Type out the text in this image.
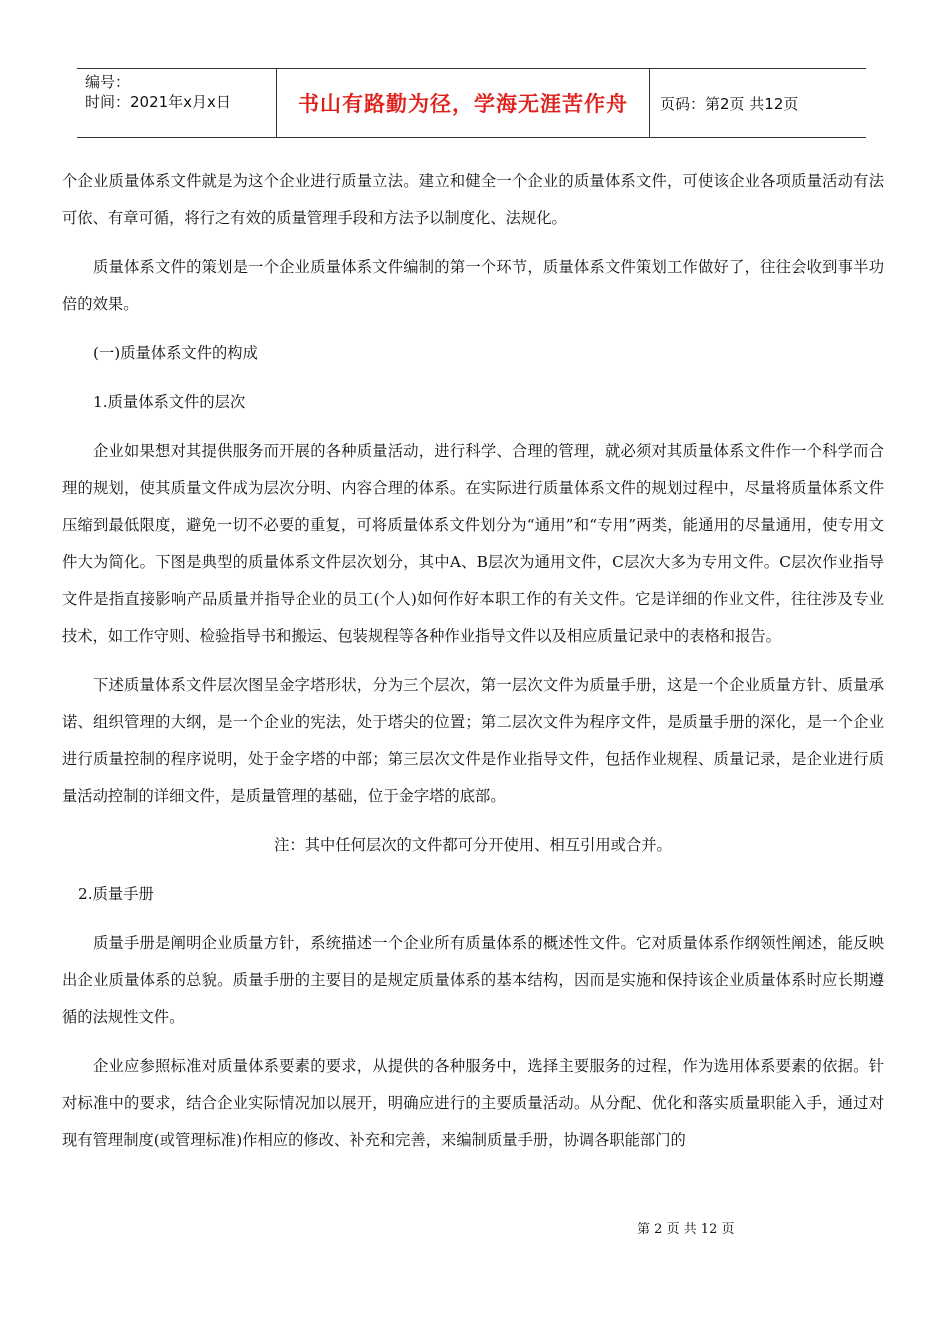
编号：
时间：2021年x月x日	书山有路勤为径，学海无涯苦作舟	页码：第2页 共12页

个企业质量体系文件就是为这个企业进行质量立法。建立和健全一个企业的质量体系文件，可使该企业各项质量活动有法可依、有章可循，将行之有效的质量管理手段和方法予以制度化、法规化。

质量体系文件的策划是一个企业质量体系文件编制的第一个环节，质量体系文件策划工作做好了，往往会收到事半功倍的效果。

(一)质量体系文件的构成

1.质量体系文件的层次

企业如果想对其提供服务而开展的各种质量活动，进行科学、合理的管理，就必须对其质量体系文件作一个科学而合理的规划，使其质量文件成为层次分明、内容合理的体系。在实际进行质量体系文件的规划过程中，尽量将质量体系文件压缩到最低限度，避免一切不必要的重复，可将质量体系文件划分为“通用”和“专用”两类，能通用的尽量通用，使专用文件大为简化。下图是典型的质量体系文件层次划分，其中A、B层次为通用文件，C层次大多为专用文件。C层次作业指导文件是指直接影响产品质量并指导企业的员工(个人)如何作好本职工作的有关文件。它是详细的作业文件，往往涉及专业技术，如工作守则、检验指导书和搬运、包装规程等各种作业指导文件以及相应质量记录中的表格和报告。

下述质量体系文件层次图呈金字塔形状，分为三个层次，第一层次文件为质量手册，这是一个企业质量方针、质量承诺、组织管理的大纲，是一个企业的宪法，处于塔尖的位置；第二层次文件为程序文件，是质量手册的深化，是一个企业进行质量控制的程序说明，处于金字塔的中部；第三层次文件是作业指导文件，包括作业规程、质量记录，是企业进行质量活动控制的详细文件，是质量管理的基础，位于金字塔的底部。

注：其中任何层次的文件都可分开使用、相互引用或合并。

2.质量手册

质量手册是阐明企业质量方针，系统描述一个企业所有质量体系的概述性文件。它对质量体系作纲领性阐述，能反映出企业质量体系的总貌。质量手册的主要目的是规定质量体系的基本结构，因而是实施和保持该企业质量体系时应长期遵循的法规性文件。

企业应参照标准对质量体系要素的要求，从提供的各种服务中，选择主要服务的过程，作为选用体系要素的依据。针对标准中的要求，结合企业实际情况加以展开，明确应进行的主要质量活动。从分配、优化和落实质量职能入手，通过对现有管理制度(或管理标准)作相应的修改、补充和完善，来编制质量手册，协调各职能部门的

第 2 页 共 12 页
